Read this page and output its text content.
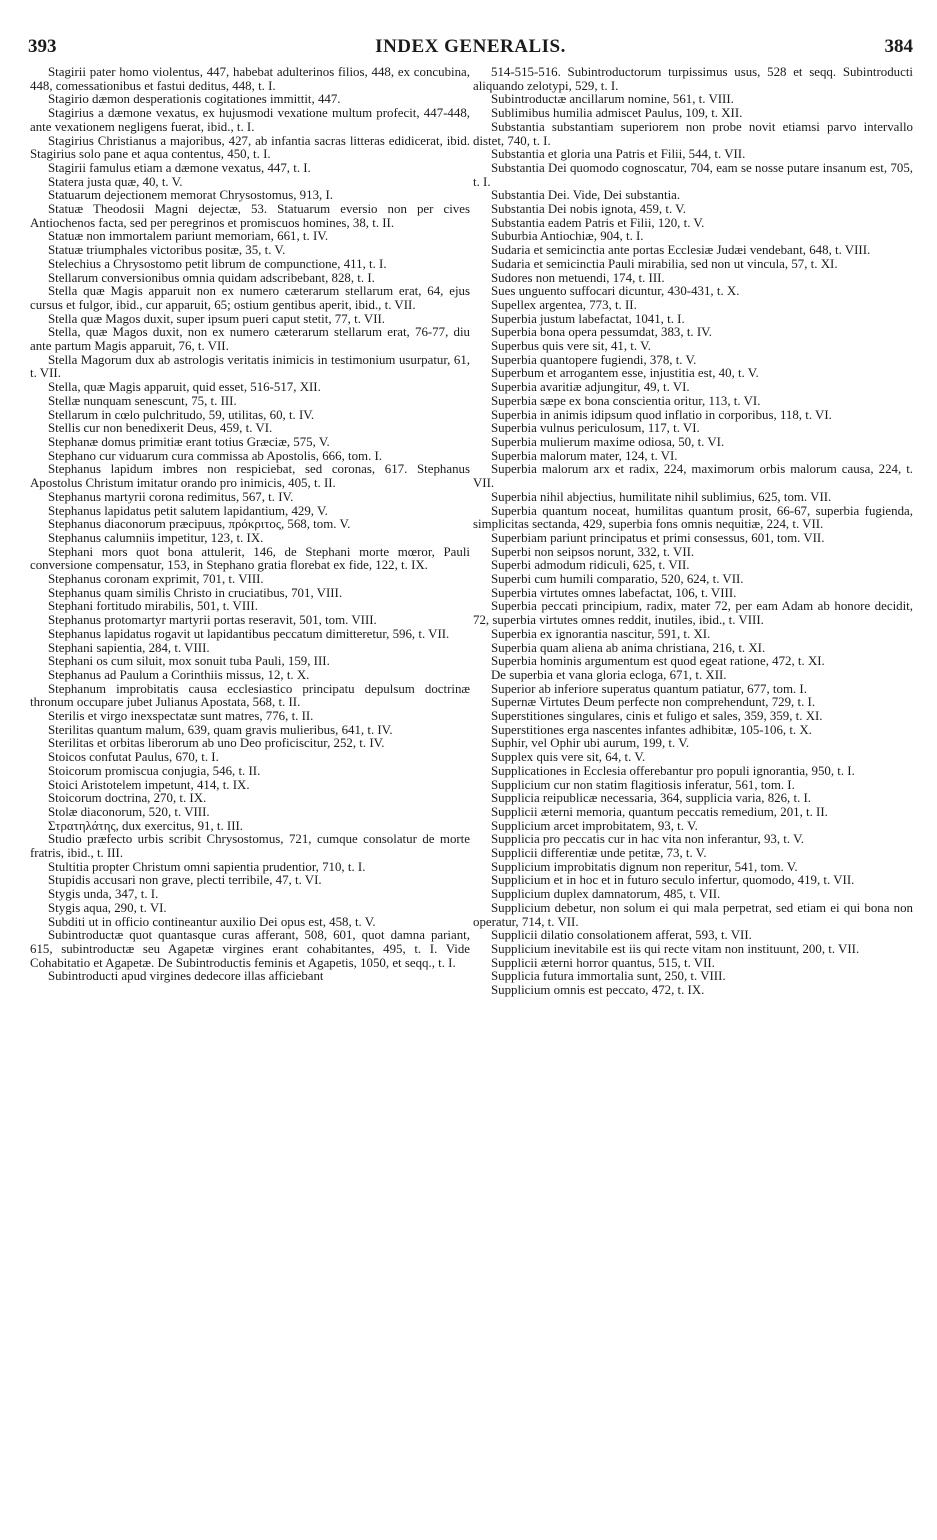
393	INDEX GENERALIS.	384

Stagirii pater homo violentus, 447, habebat adulterinos filios, 448, ex concubina, 448, comessationibus et fastui deditus, 448, t. I.

Stagirio dæmon desperationis cogitationes immittit, 447.

Stagirius a dæmone vexatus, ex hujusmodi vexatione multum profecit, 447-448, ante vexationem negligens fuerat, ibid., t. I.

Stagirius Christianus a majoribus, 427, ab infantia sacras litteras edidicerat, ibid. Stagirius solo pane et aqua contentus, 450, t. I.

Stagirii famulus etiam a dæmone vexatus, 447, t. I.

Statera justa quæ, 40, t. V.

Statuarum dejectionem memorat Chrysostomus, 913, I.

Statuæ Theodosii Magni dejectæ, 53. Statuarum eversio non per cives Antiochenos facta, sed per peregrinos et promiscuos homines, 38, t. II.

Statuæ non immortalem pariunt memoriam, 661, t. IV.

Statuæ triumphales victoribus positæ, 35, t. V.

Stelechius a Chrysostomo petit librum de compunctione, 411, t. I.

Stellarum conversionibus omnia quidam adscribebant, 828, t. I.

Stella quæ Magis apparuit non ex numero cæterarum stellarum erat, 64, ejus cursus et fulgor, ibid., cur apparuit, 65; ostium gentibus aperit, ibid., t. VII.

Stella quæ Magos duxit, super ipsum pueri caput stetit, 77, t. VII.

Stella, quæ Magos duxit, non ex numero cæterarum stellarum erat, 76-77, diu ante partum Magis apparuit, 76, t. VII.

Stella Magorum dux ab astrologis veritatis inimicis in testimonium usurpatur, 61, t. VII.

Stella, quæ Magis apparuit, quid esset, 516-517, XII.

Stellæ nunquam senescunt, 75, t. III.

Stellarum in cœlo pulchritudo, 59, utilitas, 60, t. IV.

Stellis cur non benedixerit Deus, 459, t. VI.

Stephanæ domus primitiæ erant totius Græciæ, 575, V.

Stephano cur viduarum cura commissa ab Apostolis, 666, tom. I.

Stephanus lapidum imbres non respiciebat, sed coronas, 617. Stephanus Apostolus Christum imitatur orando pro inimicis, 405, t. II.

Stephanus martyrii corona redimitus, 567, t. IV.

Stephanus lapidatus petit salutem lapidantium, 429, V.

Stephanus diaconorum præcipuus, πρόκριτος, 568, tom. V.

Stephanus calumniis impetitur, 123, t. IX.

Stephani mors quot bona attulerit, 146, de Stephani morte mœror, Pauli conversione compensatur, 153, in Stephano gratia florebat ex fide, 122, t. IX.

Stephanus coronam exprimit, 701, t. VIII.

Stephanus quam similis Christo in cruciatibus, 701, VIII.

Stephani fortitudo mirabilis, 501, t. VIII.

Stephanus protomartyr martyrii portas reseravit, 501, tom. VIII.

Stephanus lapidatus rogavit ut lapidantibus peccatum dimitteretur, 596, t. VII.

Stephani sapientia, 284, t. VIII.

Stephani os cum siluit, mox sonuit tuba Pauli, 159, III.

Stephanus ad Paulum a Corinthiis missus, 12, t. X.

Stephanum improbitatis causa ecclesiastico principatu depulsum doctrinæ thronum occupare jubet Julianus Apostata, 568, t. II.

Sterilis et virgo inexspectatæ sunt matres, 776, t. II.

Sterilitas quantum malum, 639, quam gravis mulieribus, 641, t. IV.

Sterilitas et orbitas liberorum ab uno Deo proficiscitur, 252, t. IV.

Stoicos confutat Paulus, 670, t. I.

Stoicorum promiscua conjugia, 546, t. II.

Stoici Aristotelem impetunt, 414, t. IX.

Stoicorum doctrina, 270, t. IX.

Stolæ diaconorum, 520, t. VIII.

Στρατηλάτης, dux exercitus, 91, t. III.

Studio præfecto urbis scribit Chrysostomus, 721, cumque consolatur de morte fratris, ibid., t. III.

Stultitia propter Christum omni sapientia prudentior, 710, t. I.

Stupidis accusari non grave, plecti terribile, 47, t. VI.

Stygis unda, 347, t. I.

Stygis aqua, 290, t. VI.

Subditi ut in officio contineantur auxilio Dei opus est, 458, t. V.

Subintroductæ quot quantasque curas afferant, 508, 601, quot damna pariant, 615, subintroductæ seu Agapetæ virgines erant cohabitantes, 495, t. I. Vide Cohabitatio et Agapetæ. De Subintroductis feminis et Agapetis, 1050, et seqq., t. I.

Subintroducti apud virgines dedecore illas afficiebant

514-515-516. Subintroductorum turpissimus usus, 528 et seqq. Subintroducti aliquando zelotypi, 529, t. I.

Subintroductæ ancillarum nomine, 561, t. VIII.

Sublimibus humilia admiscet Paulus, 109, t. XII.

Substantia substantiam superiorem non probe novit etiamsi parvo intervallo distet, 740, t. I.

Substantia et gloria una Patris et Filii, 544, t. VII.

Substantia Dei quomodo cognoscatur, 704, eam se nosse putare insanum est, 705, t. I.

Substantia Dei. Vide, Dei substantia.

Substantia Dei nobis ignota, 459, t. V.

Substantia eadem Patris et Filii, 120, t. V.

Suburbia Antiochiæ, 904, t. I.

Sudaria et semicinctia ante portas Ecclesiæ Judæi vendebant, 648, t. VIII.

Sudaria et semicinctia Pauli mirabilia, sed non ut vincula, 57, t. XI.

Sudores non metuendi, 174, t. III.

Sues unguento suffocari dicuntur, 430-431, t. X.

Supellex argentea, 773, t. II.

Superbia justum labefactat, 1041, t. I.

Superbia bona opera pessumdat, 383, t. IV.

Superbus quis vere sit, 41, t. V.

Superbia quantopere fugiendi, 378, t. V.

Superbum et arrogantem esse, injustitia est, 40, t. V.

Superbia avaritiæ adjungitur, 49, t. VI.

Superbia sæpe ex bona conscientia oritur, 113, t. VI.

Superbia in animis idipsum quod inflatio in corporibus, 118, t. VI.

Superbia vulnus periculosum, 117, t. VI.

Superbia mulierum maxime odiosa, 50, t. VI.

Superbia malorum mater, 124, t. VI.

Superbia malorum arx et radix, 224, maximorum orbis malorum causa, 224, t. VII.

Superbia nihil abjectius, humilitate nihil sublimius, 625, tom. VII.

Superbia quantum noceat, humilitas quantum prosit, 66-67, superbia fugienda, simplicitas sectanda, 429, superbia fons omnis nequitiæ, 224, t. VII.

Superbiam pariunt principatus et primi consessus, 601, tom. VII.

Superbi non seipsos norunt, 332, t. VII.

Superbi admodum ridiculi, 625, t. VII.

Superbi cum humili comparatio, 520, 624, t. VII.

Superbia virtutes omnes labefactat, 106, t. VIII.

Superbia peccati principium, radix, mater 72, per eam Adam ab honore decidit, 72, superbia virtutes omnes reddit, inutiles, ibid., t. VIII.

Superbia ex ignorantia nascitur, 591, t. XI.

Superbia quam aliena ab anima christiana, 216, t. XI.

Superbia hominis argumentum est quod egeat ratione, 472, t. XI.

De superbia et vana gloria ecloga, 671, t. XII.

Superior ab inferiore superatus quantum patiatur, 677, tom. I.

Supernæ Virtutes Deum perfecte non comprehendunt, 729, t. I.

Superstitiones singulares, cinis et fuligo et sales, 359, 359, t. XI.

Superstitiones erga nascentes infantes adhibitæ, 105-106, t. X.

Suphir, vel Ophir ubi aurum, 199, t. V.

Supplex quis vere sit, 64, t. V.

Supplicationes in Ecclesia offerebantur pro populi ignorantia, 950, t. I.

Supplicium cur non statim flagitiosis inferatur, 561, tom. I.

Supplicia reipublicæ necessaria, 364, supplicia varia, 826, t. I.

Supplicii æterni memoria, quantum peccatis remedium, 201, t. II.

Supplicium arcet improbitatem, 93, t. V.

Supplicia pro peccatis cur in hac vita non inferantur, 93, t. V.

Supplicii differentiæ unde petitæ, 73, t. V.

Supplicium improbitatis dignum non reperitur, 541, tom. V.

Supplicium et in hoc et in futuro seculo infertur, quomodo, 419, t. VII.

Supplicium duplex damnatorum, 485, t. VII.

Supplicium debetur, non solum ei qui mala perpetrat, sed etiam ei qui bona non operatur, 714, t. VII.

Supplicii dilatio consolationem afferat, 593, t. VII.

Supplicium inevitabile est iis qui recte vitam non instituunt, 200, t. VII.

Supplicii æterni horror quantus, 515, t. VII.

Supplicia futura immortalia sunt, 250, t. VIII.

Supplicium omnis est peccato, 472, t. IX.
